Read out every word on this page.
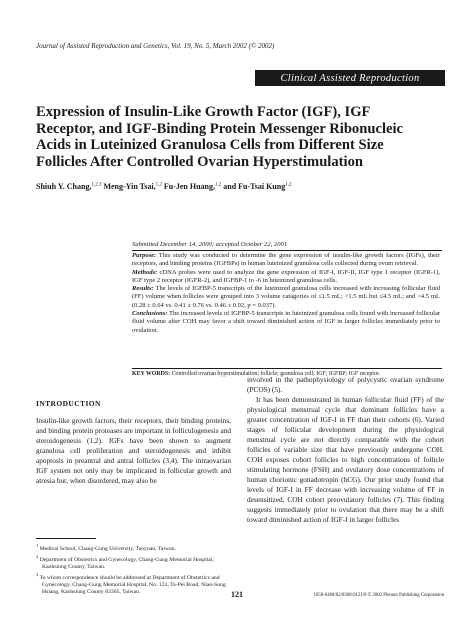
Journal of Assisted Reproduction and Genetics, Vol. 19, No. 5, March 2002 (© 2002)
Clinical Assisted Reproduction
Expression of Insulin-Like Growth Factor (IGF), IGF
Receptor, and IGF-Binding Protein Messenger Ribonucleic
Acids in Luteinized Granulosa Cells from Different Size
Follicles After Controlled Ovarian Hyperstimulation
Shiuh Y. Chang,$^{1,2,3}$ Meng-Yin Tsai,$^{1,2}$ Fu-Jen Huang,$^{1,2}$ and Fu-Tsai Kung$^{1,2}$
Submitted December 14, 2000; accepted October 22, 2001

Purpose: This study was conducted to determine the gene expression of insulin-like growth factors (IGFs), their receptors, and binding proteins (IGFBPs) in human luteinized granulosa cells collected during ovum retrieval.

Methods: cDNA probes were used to analyze the gene expression of IGF-I, IGF-II, IGF type 1 receptor (IGFR-1), IGF type 2 receptor (IGFR-2), and IGFBP-1 to -6 in luteinized granulosa cells.

Results: The levels of IGFBP-5 transcripts of the luteinized granulosa cells increased with increasing follicular fluid (FF) volume when follicles were grouped into 3 volume catagories of ≤1.5 mL; >1.5 mL but ≤4.5 mL; and >4.5 mL (0.28 ± 0.64 vs. 0.41 ± 0.76 vs. 0.46 ± 0.92, p = 0.037).

Conclusions: The increased levels of IGFBP-5 transcripts in luteinized granulosa cells found with increased follicular fluid volume after COH may favor a shift toward diminished action of IGF in larger follicles immediately prior to ovulation.

KEY WORDS: Controlled ovarian hyperstimulation; follicle; granulosa cell; IGF; IGFBP; IGF receptor.
INTRODUCTION

Insulin-like growth factors, their receptors, their binding proteins, and binding protein proteases are important in folliculogenesis and steroidogenesis (1,2). IGFs have been shown to augment granulosa cell proliferation and steroidogenesis and inhibit apoptosis in preantral and antral follicles (3,4). The intraovarian IGF system not only may be implicated in follicular growth and atresia but, when disordered, may also be

involved in the pathophysiology of polycystic ovarian syndrome (PCOS) (5).

It has been demonstrated in human follicular fluid (FF) of the physiological menstrual cycle that dominant follicles have a greater concentration of IGF-I in FF than their cohorts (6). Varied stages of follicular development during the physiological menstrual cycle are not directly comparable with the cohort follicles of variable size that have previously undergone COH. COH exposes cohort follicles to high concentrations of follicle stimulating hormone (FSH) and ovulatory dose concentrations of human chorionic gonadotropin (hCG). Our prior study found that levels of IGF-I in FF decrease with increasing volume of FF in desensitized, COH cohort preovulatory follicles (7). This finding suggests immediately prior to ovulation that there may be a shift toward diminished action of IGF-I in larger follicles

$^1$ Medical School, Chang-Gung University, Taoyuan, Taiwan.
$^2$ Department of Obstetrics and Gynecology, Chang-Gung Memorial Hospital, Kaohsiung County, Taiwan.
$^3$ To whom correspondence should be addressed at Department of Obstetrics and Gynecology, Chang-Gung Memorial Hospital, No. 123, Ta-Pei Road, Niao-Sung Hsiang, Kaohsiung County 83305, Taiwan.	121	1058-0468/02/0300-0121/0 © 2002 Plenum Publishing Corporation
